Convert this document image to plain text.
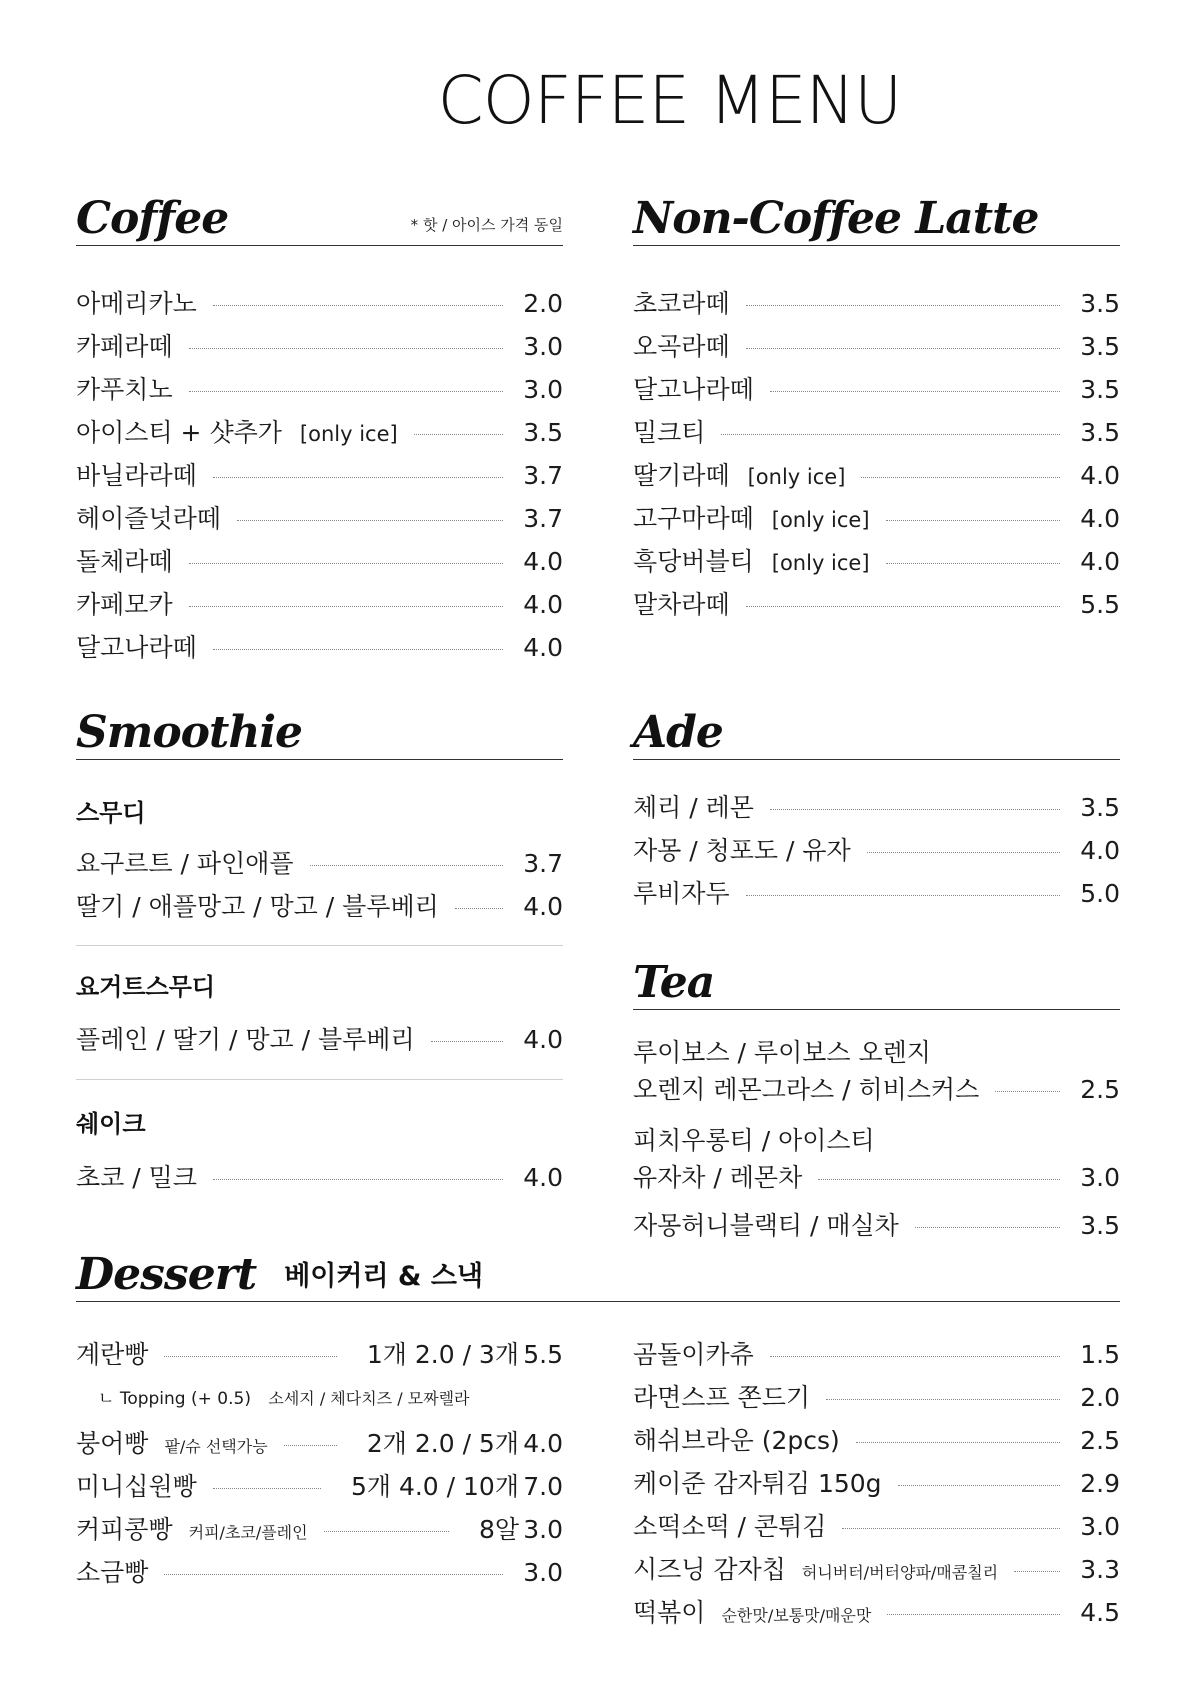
COFFEE MENU
Coffee	* 핫 / 아이스 가격 동일
아메리카노	2.0
카페라떼	3.0
카푸치노	3.0
아이스티 + 샷추가 [only ice]	3.5
바닐라라떼	3.7
헤이즐넛라떼	3.7
돌체라떼	4.0
카페모카	4.0
달고나라떼	4.0
Non-Coffee Latte
초코라떼	3.5
오곡라떼	3.5
달고나라떼	3.5
밀크티	3.5
딸기라떼 [only ice]	4.0
고구마라떼 [only ice]	4.0
흑당버블티 [only ice]	4.0
말차라떼	5.5
Smoothie
스무디
요구르트 / 파인애플	3.7
딸기 / 애플망고 / 망고 / 블루베리	4.0
요거트스무디
플레인 / 딸기 / 망고 / 블루베리	4.0
쉐이크
초코 / 밀크	4.0
Ade
체리 / 레몬	3.5
자몽 / 청포도 / 유자	4.0
루비자두	5.0
Tea
루이보스 / 루이보스 오렌지
오렌지 레몬그라스 / 히비스커스	2.5
피치우롱티 / 아이스티
유자차 / 레몬차	3.0
자몽허니블랙티 / 매실차	3.5
Dessert 베이커리 & 스낵
계란빵	1개 2.0 / 3개 5.5
ㄴ Topping (+ 0.5) 소세지 / 체다치즈 / 모짜렐라
붕어빵 팥/슈 선택가능	2개 2.0 / 5개 4.0
미니십원빵	5개 4.0 / 10개 7.0
커피콩빵 커피/초코/플레인	8알 3.0
소금빵	3.0
곰돌이카츄	1.5
라면스프 쫀드기	2.0
해쉬브라운 (2pcs)	2.5
케이준 감자튀김 150g	2.9
소떡소떡 / 콘튀김	3.0
시즈닝 감자칩 허니버터/버터양파/매콤칠리	3.3
떡볶이 순한맛/보통맛/매운맛	4.5
